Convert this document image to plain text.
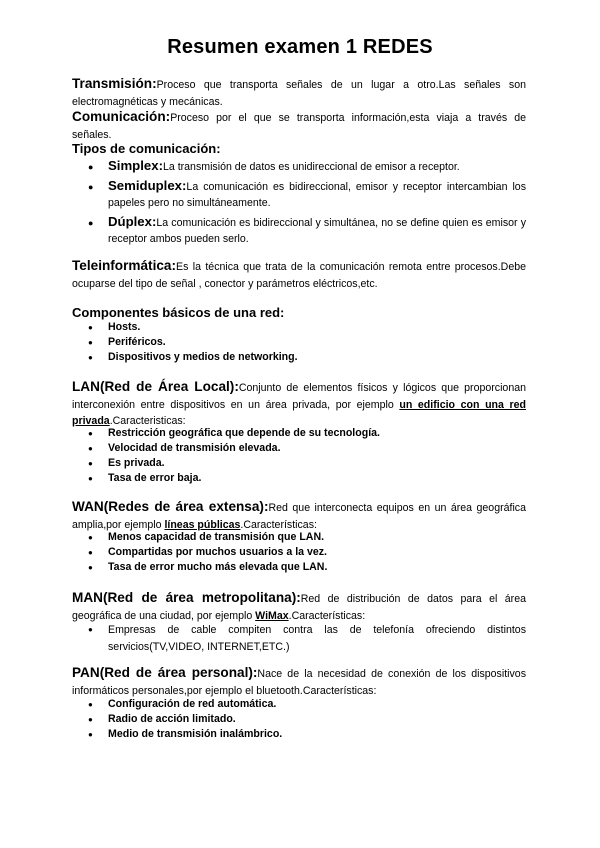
Resumen examen 1 REDES
Transmisión:Proceso que transporta señales de un lugar a otro.Las señales son electromagnéticas y mecánicas.
Comunicación:Proceso por el que se transporta información,esta viaja a través de señales.
Tipos de comunicación:
● Simplex:La transmisión de datos es unidireccional de emisor a receptor.
● Semiduplex:La comunicación es bidireccional, emisor y receptor intercambian los papeles pero no simultáneamente.
● Dúplex:La comunicación es bidireccional y simultánea, no se define quien es emisor y receptor ambos pueden serlo.
Teleinformática:Es la técnica que trata de la comunicación remota entre procesos.Debe ocuparse del tipo de señal , conector y parámetros eléctricos,etc.
Componentes básicos de una red:
● Hosts.
● Periféricos.
● Dispositivos y medios de networking.
LAN(Red de Área Local):Conjunto de elementos físicos y lógicos que proporcionan interconexión entre dispositivos en un área privada, por ejemplo un edificio con una red privada.Caracteristicas:
● Restricción geográfica que depende de su tecnología.
● Velocidad de transmisión elevada.
● Es privada.
● Tasa de error baja.
WAN(Redes de área extensa):Red que interconecta equipos en un área geográfica amplia,por ejemplo líneas públicas.Características:
● Menos capacidad de transmisión que LAN.
● Compartidas por muchos usuarios a la vez.
● Tasa de error mucho más elevada que LAN.
MAN(Red de área metropolitana):Red de distribución de datos para el área geográfica de una ciudad, por ejemplo WiMax.Características:
● Empresas de cable compiten contra las de telefonía ofreciendo distintos servicios(TV,VIDEO, INTERNET,ETC.)
PAN(Red de área personal):Nace de la necesidad de conexión de los dispositivos informáticos personales,por ejemplo el bluetooth.Características:
● Configuración de red automática.
● Radio de acción limitado.
● Medio de transmisión inalámbrico.
